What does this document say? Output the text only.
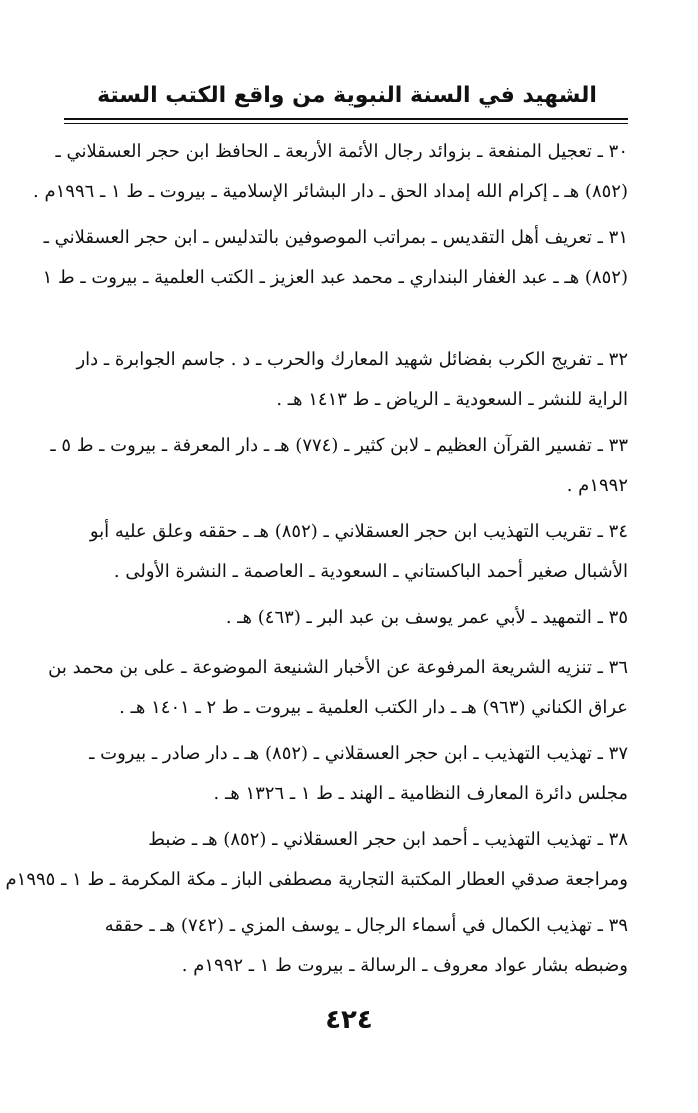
الشهيد في السنة النبوية من واقع الكتب الستة
٣٠ ـ تعجيل المنفعة ـ بزوائد رجال الأئمة الأربعة ـ الحافظ ابن حجر العسقلاني ـ
(٨٥٢) هـ ـ إكرام الله إمداد الحق ـ دار البشائر الإسلامية ـ بيروت ـ ط ١ ـ ١٩٩٦م .
٣١ ـ تعريف أهل التقديس ـ بمراتب الموصوفين بالتدليس ـ ابن حجر العسقلاني ـ
(٨٥٢) هـ ـ عبد الغفار البنداري ـ محمد عبد العزيز ـ الكتب العلمية ـ بيروت ـ ط ١
٣٢ ـ تفريج الكرب بفضائل شهيد المعارك والحرب ـ د . جاسم الجوابرة ـ دار
الراية للنشر ـ السعودية ـ الرياض ـ ط ١٤١٣ هـ .
٣٣ ـ تفسير القرآن العظيم ـ لابن كثير ـ (٧٧٤) هـ ـ دار المعرفة ـ بيروت ـ ط ٥ ـ
١٩٩٢م .
٣٤ ـ تقريب التهذيب ابن حجر العسقلاني ـ (٨٥٢) هـ ـ حققه وعلق عليه أبو
الأشبال صغير أحمد الباكستاني ـ السعودية ـ العاصمة ـ النشرة الأولى .
٣٥ ـ التمهيد ـ لأبي عمر يوسف بن عبد البر ـ (٤٦٣) هـ .
٣٦ ـ تنزيه الشريعة المرفوعة عن الأخبار الشنيعة الموضوعة ـ على بن محمد بن
عراق الكناني (٩٦٣) هـ ـ دار الكتب العلمية ـ بيروت ـ ط ٢ ـ ١٤٠١ هـ .
٣٧ ـ تهذيب التهذيب ـ ابن حجر العسقلاني ـ (٨٥٢) هـ ـ دار صادر ـ بيروت ـ
مجلس دائرة المعارف النظامية ـ الهند ـ ط ١ ـ ١٣٢٦ هـ .
٣٨ ـ تهذيب التهذيب ـ أحمد ابن حجر العسقلاني ـ (٨٥٢) هـ ـ ضبط
ومراجعة صدقي العطار المكتبة التجارية مصطفى الباز ـ مكة المكرمة ـ ط ١ ـ ١٩٩٥م
٣٩ ـ تهذيب الكمال في أسماء الرجال ـ يوسف المزي ـ (٧٤٢) هـ ـ حققه
وضبطه بشار عواد معروف ـ الرسالة ـ بيروت ط ١ ـ ١٩٩٢م .
٤٢٤
